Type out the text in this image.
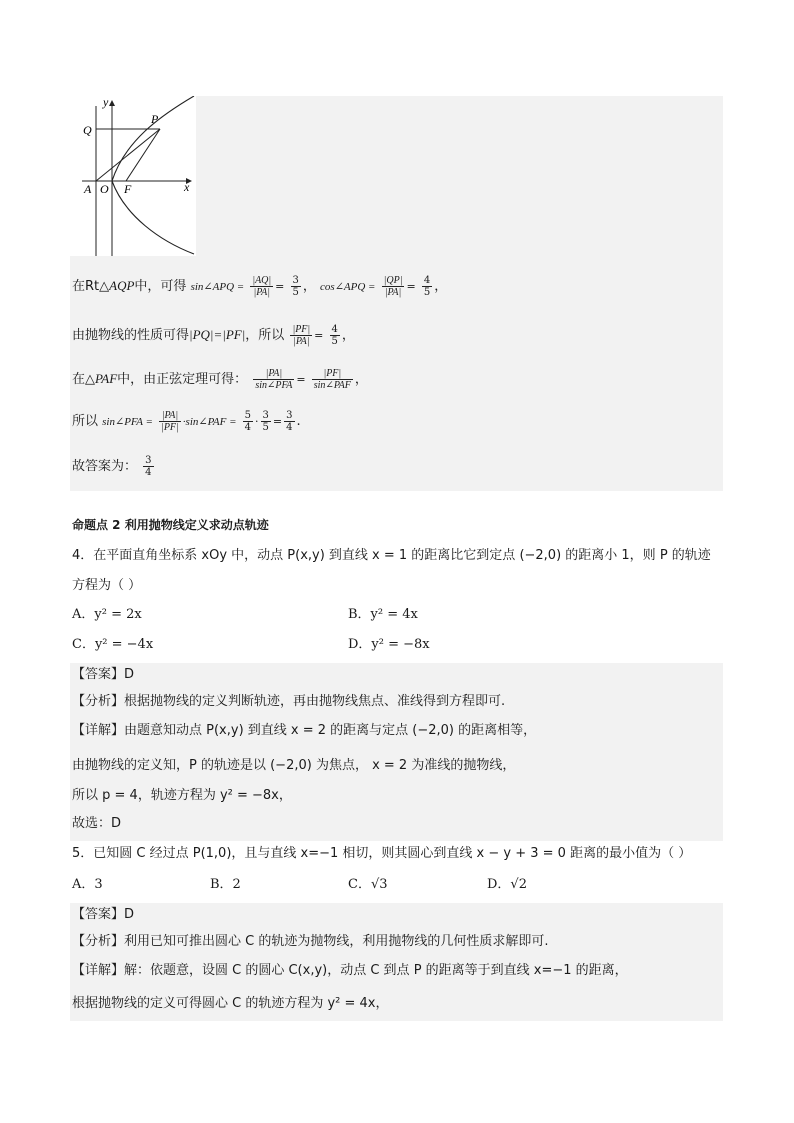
y
Q
P
A O F	x
在Rt△AQP中，可得 sin∠APQ = $\frac{|AQ|}{|PA|} = \frac{3}{5}$ ， cos∠APQ = $\frac{|QP|}{|PA|} = \frac{4}{5}$ ，
由抛物线的性质可得|PQ|=|PF|，所以 $\frac{|PF|}{|PA|} = \frac{4}{5}$ ，
在△PAF中，由正弦定理可得： $\frac{|PA|}{\text{sin∠PFA}} = \frac{|PF|}{\text{sin∠PAF}}$ ，
所以 sin∠PFA = $\frac{|PA|}{|PF|}$ ·sin∠PAF = $\frac{5}{4} \cdot \frac{3}{5} = \frac{3}{4}$ .
故答案为： $\frac{3}{4}$
命题点 2 利用抛物线定义求动点轨迹
4．在平面直角坐标系 xOy 中，动点 P(x,y) 到直线 x = 1 的距离比它到定点 (−2,0) 的距离小 1，则 P 的轨迹
方程为（ ）
A．y² = 2x	B．y² = 4x
C．y² = −4x	D．y² = −8x
【答案】D
【分析】根据抛物线的定义判断轨迹，再由抛物线焦点、准线得到方程即可.
【详解】由题意知动点 P(x,y) 到直线 x = 2 的距离与定点 (−2,0) 的距离相等，
由抛物线的定义知，P 的轨迹是以 (−2,0) 为焦点， x = 2 为准线的抛物线，
所以 p = 4，轨迹方程为 y² = −8x，
故选：D
5．已知圆 C 经过点 P(1,0)，且与直线 x=−1 相切，则其圆心到直线 x − y + 3 = 0 距离的最小值为（ ）
A．3	B．2	C．√3	D．√2
【答案】D
【分析】利用已知可推出圆心 C 的轨迹为抛物线，利用抛物线的几何性质求解即可.
【详解】解：依题意，设圆 C 的圆心 C(x,y)，动点 C 到点 P 的距离等于到直线 x=−1 的距离，
根据抛物线的定义可得圆心 C 的轨迹方程为 y² = 4x，
